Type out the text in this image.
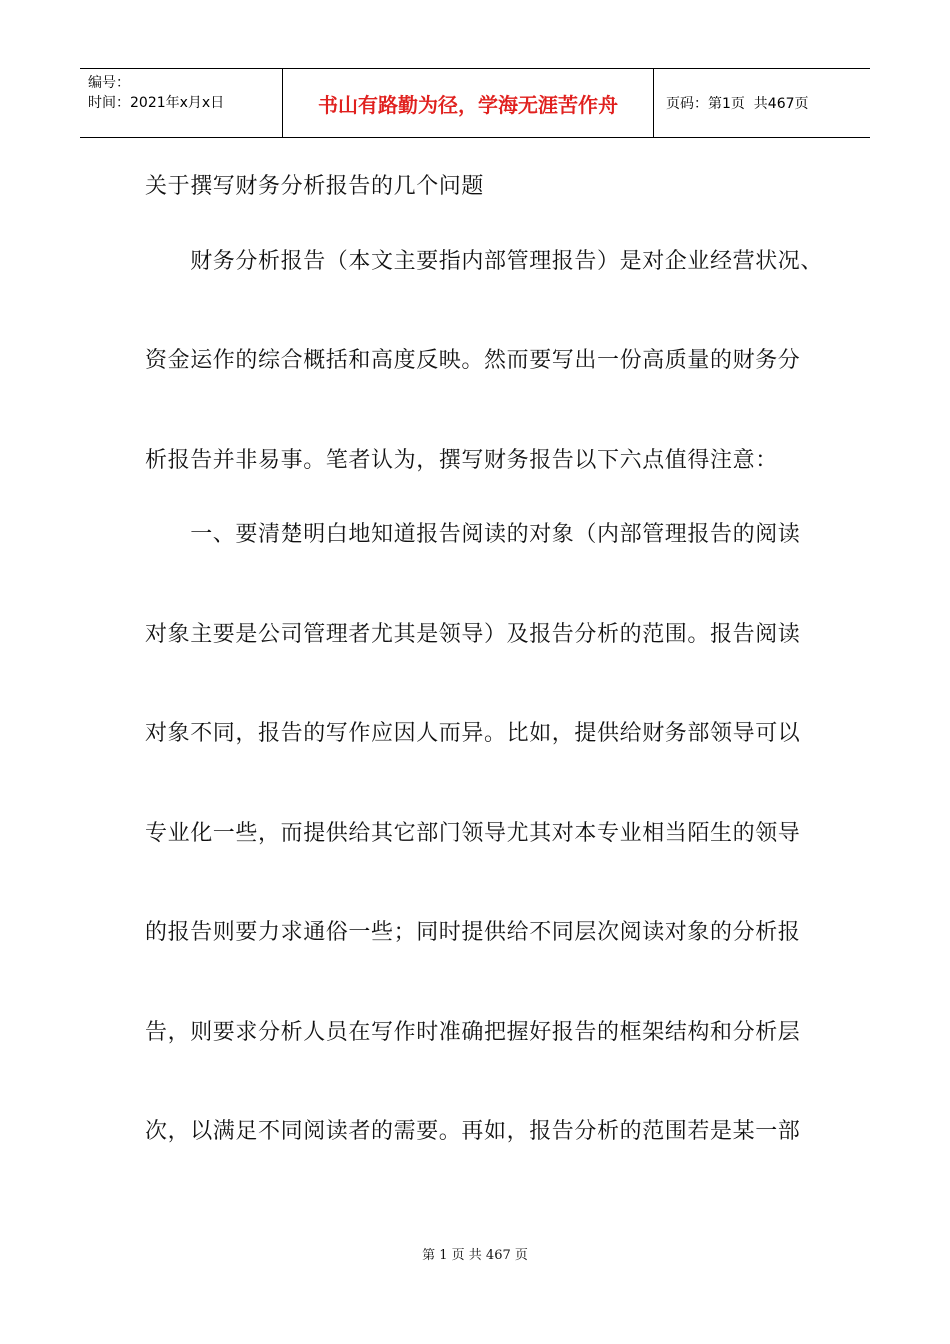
编号：
时间：2021年x月x日	书山有路勤为径，学海无涯苦作舟	页码：第1页  共467页
关于撰写财务分析报告的几个问题
　　财务分析报告（本文主要指内部管理报告）是对企业经营状况、
资金运作的综合概括和高度反映。然而要写出一份高质量的财务分
析报告并非易事。笔者认为，撰写财务报告以下六点值得注意：
　　一、要清楚明白地知道报告阅读的对象（内部管理报告的阅读
对象主要是公司管理者尤其是领导）及报告分析的范围。报告阅读
对象不同，报告的写作应因人而异。比如，提供给财务部领导可以
专业化一些，而提供给其它部门领导尤其对本专业相当陌生的领导
的报告则要力求通俗一些；同时提供给不同层次阅读对象的分析报
告，则要求分析人员在写作时准确把握好报告的框架结构和分析层
次，以满足不同阅读者的需要。再如，报告分析的范围若是某一部
第 1 页 共 467 页
